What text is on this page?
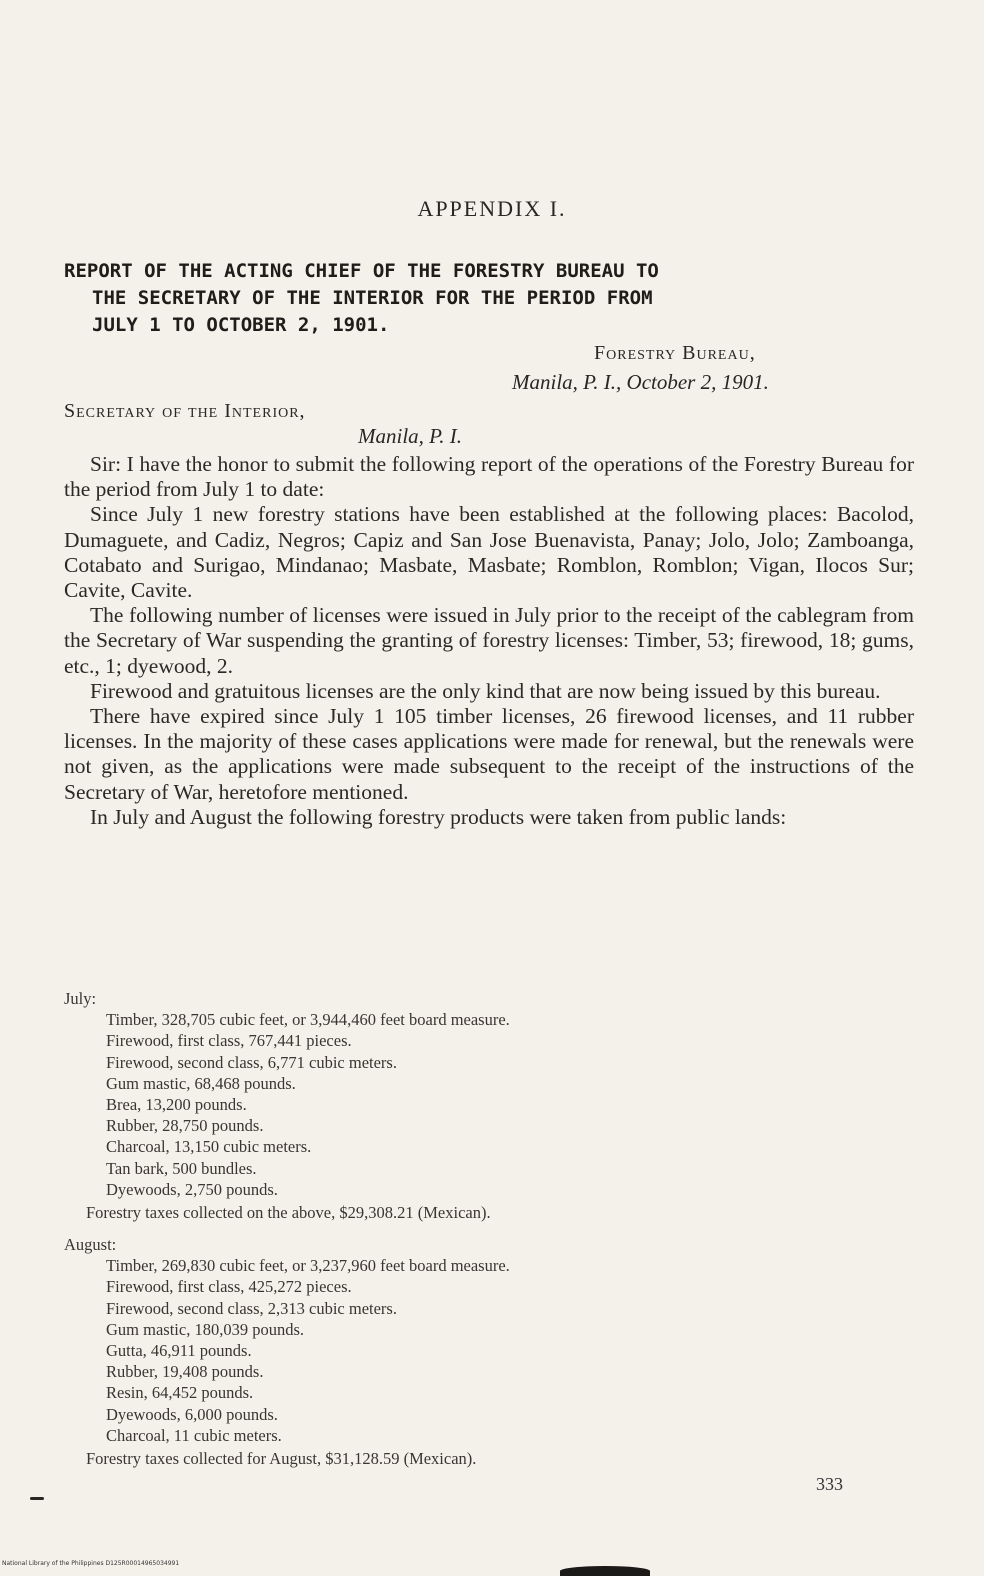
APPENDIX I.
REPORT OF THE ACTING CHIEF OF THE FORESTRY BUREAU TO
THE SECRETARY OF THE INTERIOR FOR THE PERIOD FROM
JULY 1 TO OCTOBER 2, 1901.
Forestry Bureau,
Manila, P. I., October 2, 1901.
Secretary of the Interior,
Manila, P. I.

Sir: I have the honor to submit the following report of the operations of the Forestry Bureau for the period from July 1 to date:

Since July 1 new forestry stations have been established at the following places: Bacolod, Dumaguete, and Cadiz, Negros; Capiz and San Jose Buenavista, Panay; Jolo, Jolo; Zamboanga, Cotabato and Surigao, Mindanao; Masbate, Masbate; Romblon, Romblon; Vigan, Ilocos Sur; Cavite, Cavite.

The following number of licenses were issued in July prior to the receipt of the cablegram from the Secretary of War suspending the granting of forestry licenses: Timber, 53; firewood, 18; gums, etc., 1; dyewood, 2.

Firewood and gratuitous licenses are the only kind that are now being issued by this bureau.

There have expired since July 1 105 timber licenses, 26 firewood licenses, and 11 rubber licenses. In the majority of these cases applications were made for renewal, but the renewals were not given, as the applications were made subsequent to the receipt of the instructions of the Secretary of War, heretofore mentioned.

In July and August the following forestry products were taken from public lands:

July:

Timber, 328,705 cubic feet, or 3,944,460 feet board measure.
Firewood, first class, 767,441 pieces.
Firewood, second class, 6,771 cubic meters.
Gum mastic, 68,468 pounds.
Brea, 13,200 pounds.
Rubber, 28,750 pounds.
Charcoal, 13,150 cubic meters.
Tan bark, 500 bundles.
Dyewoods, 2,750 pounds.

Forestry taxes collected on the above, $29,308.21 (Mexican).

August:

Timber, 269,830 cubic feet, or 3,237,960 feet board measure.
Firewood, first class, 425,272 pieces.
Firewood, second class, 2,313 cubic meters.
Gum mastic, 180,039 pounds.
Gutta, 46,911 pounds.
Rubber, 19,408 pounds.
Resin, 64,452 pounds.
Dyewoods, 6,000 pounds.
Charcoal, 11 cubic meters.

Forestry taxes collected for August, $31,128.59 (Mexican).

333
National Library of the Philippines D125R00014965034991
